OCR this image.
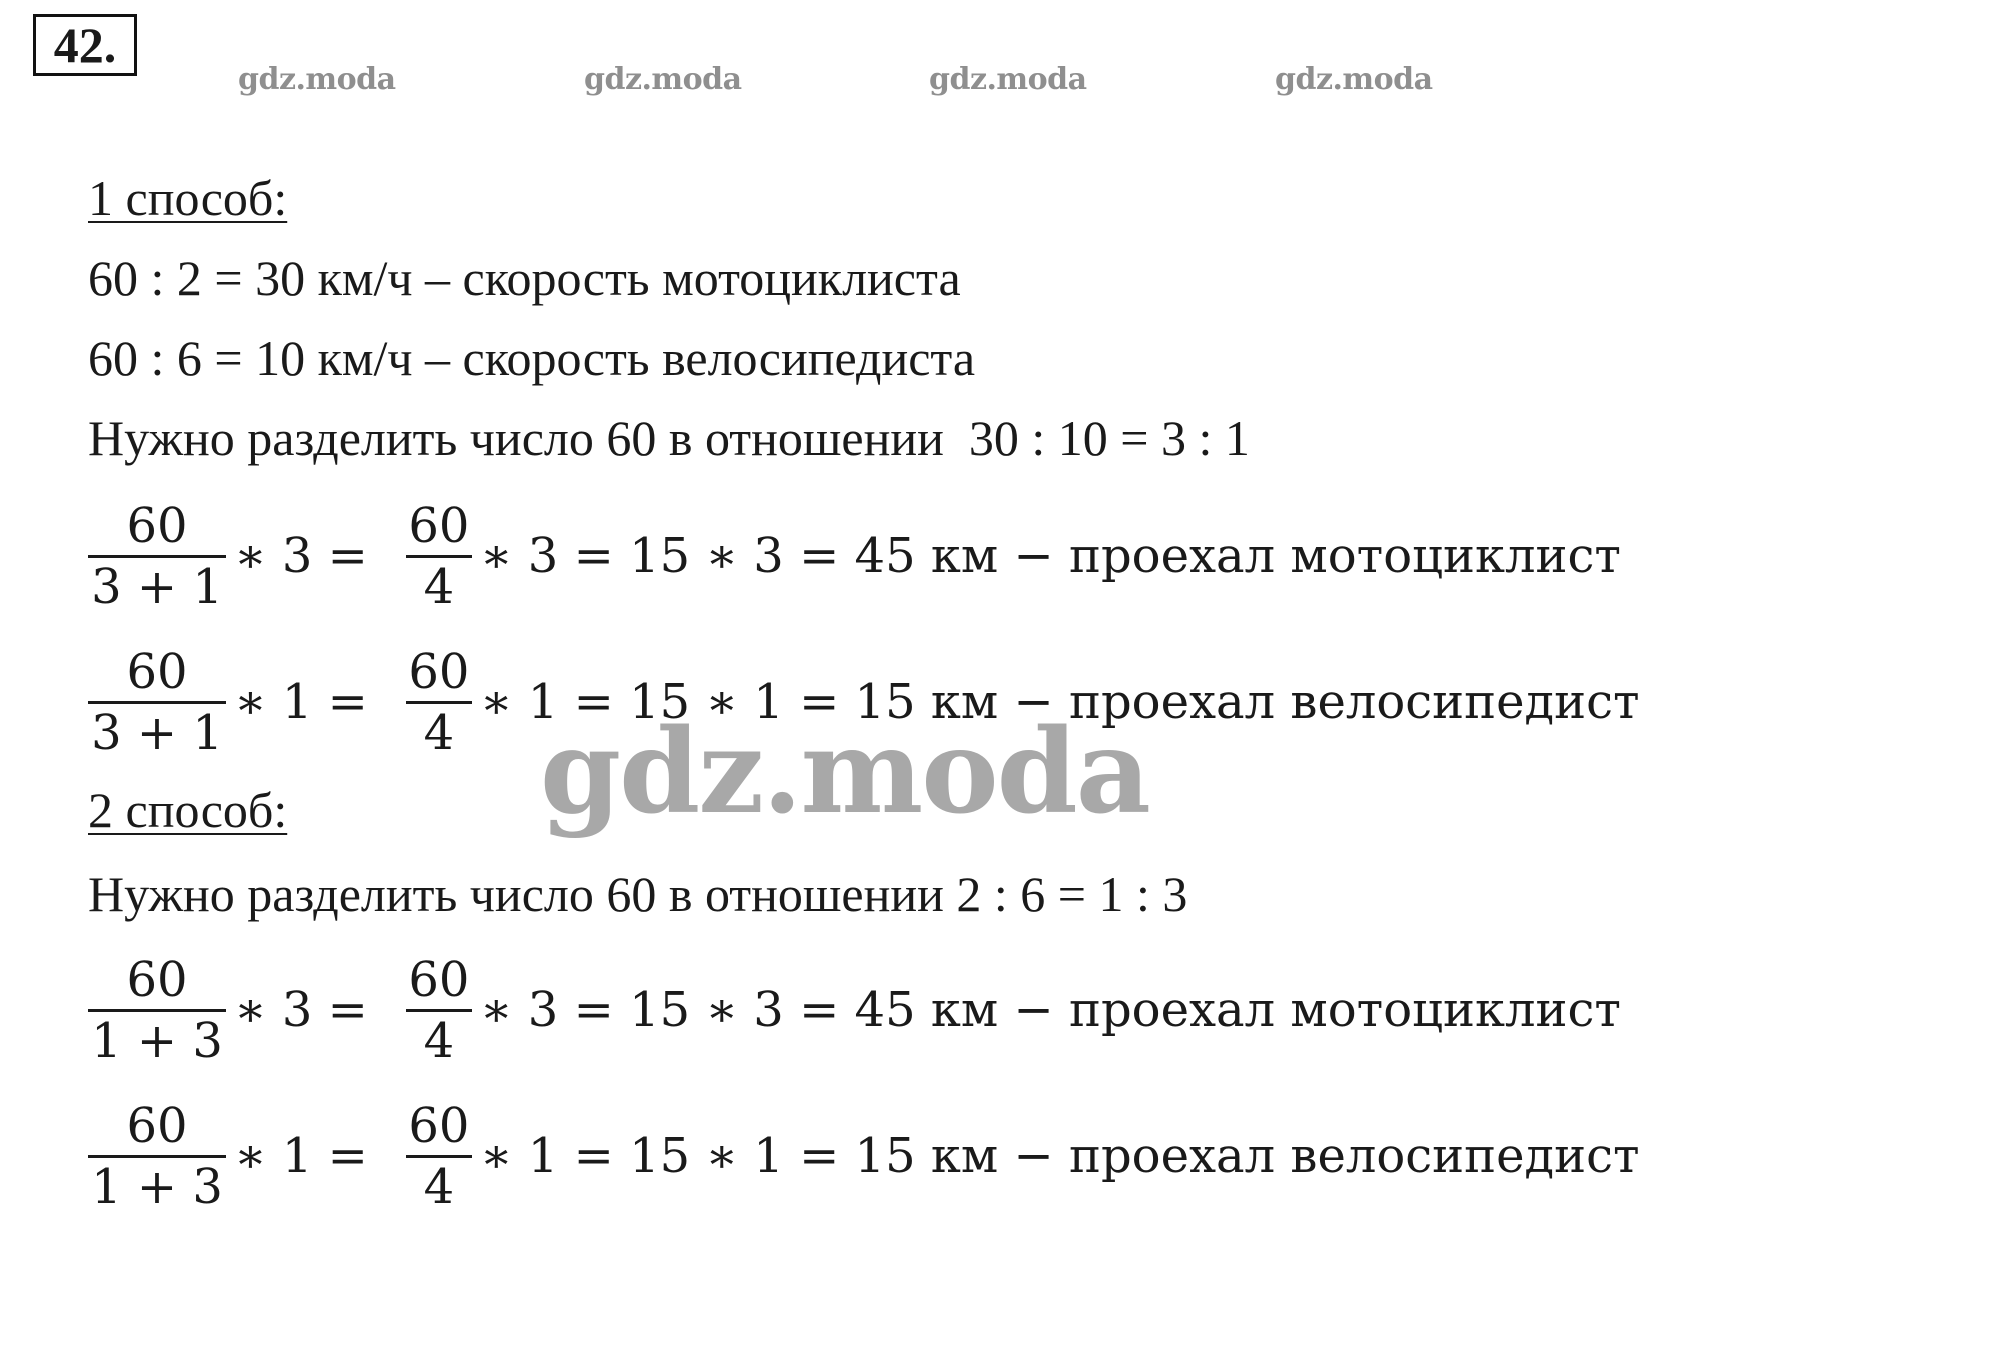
42.
gdz.moda	gdz.moda	gdz.moda	gdz.moda
1 способ:
60 : 2 = 30 км/ч – скорость мотоциклиста
60 : 6 = 10 км/ч – скорость велосипедиста
Нужно разделить число 60 в отношении  30 : 10 = 3 : 1
$\frac{60}{3 + 1}$ ∗ $3 = \frac{60}{4}$ ∗ 3 = 15 ∗ 3 = 45 км − проехал мотоциклист
$\frac{60}{3 + 1}$ ∗ $1 = \frac{60}{4}$ ∗ 1 = 15 ∗ 1 = 15 км − проехал велосипедист
2 способ:
Нужно разделить число 60 в отношении 2 : 6 = 1 : 3
$\frac{60}{1 + 3}$ ∗ $3 = \frac{60}{4}$ ∗ 3 = 15 ∗ 3 = 45 км − проехал мотоциклист
$\frac{60}{1 + 3}$ ∗ $1 = \frac{60}{4}$ ∗ 1 = 15 ∗ 1 = 15 км − проехал велосипедист
gdz.moda
